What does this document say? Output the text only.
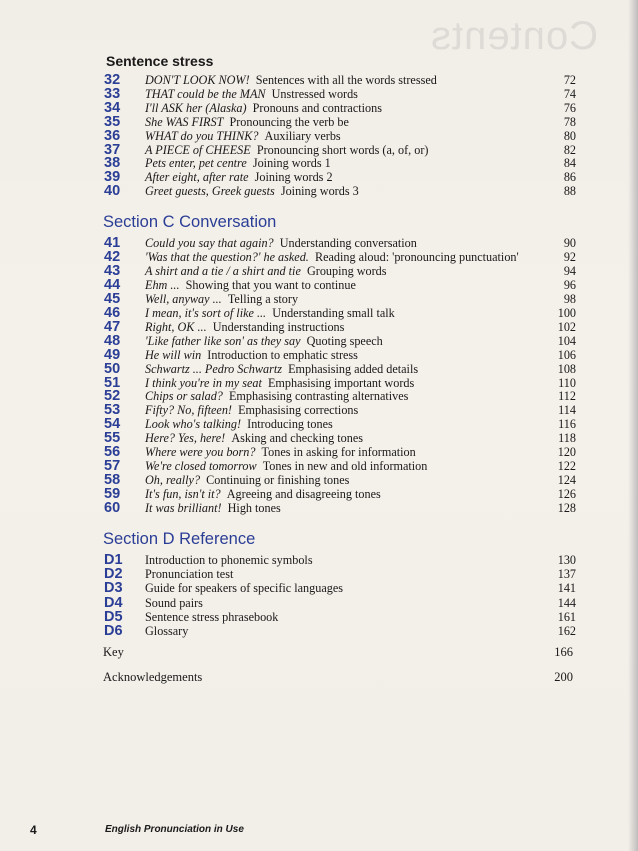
Contents
Sentence stress
32	DON'T LOOK NOW!  Sentences with all the words stressed	72
33	THAT could be the MAN  Unstressed words	74
34	I'll ASK her (Alaska)  Pronouns and contractions	76
35	She WAS FIRST  Pronouncing the verb be	78
36	WHAT do you THINK?  Auxiliary verbs	80
37	A PIECE of CHEESE  Pronouncing short words (a, of, or)	82
38	Pets enter, pet centre  Joining words 1	84
39	After eight, after rate  Joining words 2	86
40	Greet guests, Greek guests  Joining words 3	88
Section C Conversation
41	Could you say that again?  Understanding conversation	90
42	'Was that the question?' he asked.  Reading aloud: 'pronouncing punctuation'	92
43	A shirt and a tie / a shirt and tie  Grouping words	94
44	Ehm ...  Showing that you want to continue	96
45	Well, anyway ...  Telling a story	98
46	I mean, it's sort of like ...  Understanding small talk	100
47	Right, OK ...  Understanding instructions	102
48	'Like father like son' as they say  Quoting speech	104
49	He will win  Introduction to emphatic stress	106
50	Schwartz ... Pedro Schwartz  Emphasising added details	108
51	I think you're in my seat  Emphasising important words	110
52	Chips or salad?  Emphasising contrasting alternatives	112
53	Fifty? No, fifteen!  Emphasising corrections	114
54	Look who's talking!  Introducing tones	116
55	Here? Yes, here!  Asking and checking tones	118
56	Where were you born?  Tones in asking for information	120
57	We're closed tomorrow  Tones in new and old information	122
58	Oh, really?  Continuing or finishing tones	124
59	It's fun, isn't it?  Agreeing and disagreeing tones	126
60	It was brilliant!  High tones	128
Section D Reference
D1	Introduction to phonemic symbols	130
D2	Pronunciation test	137
D3	Guide for speakers of specific languages	141
D4	Sound pairs	144
D5	Sentence stress phrasebook	161
D6	Glossary	162
Key	166
Acknowledgements	200
4	English Pronunciation in Use
